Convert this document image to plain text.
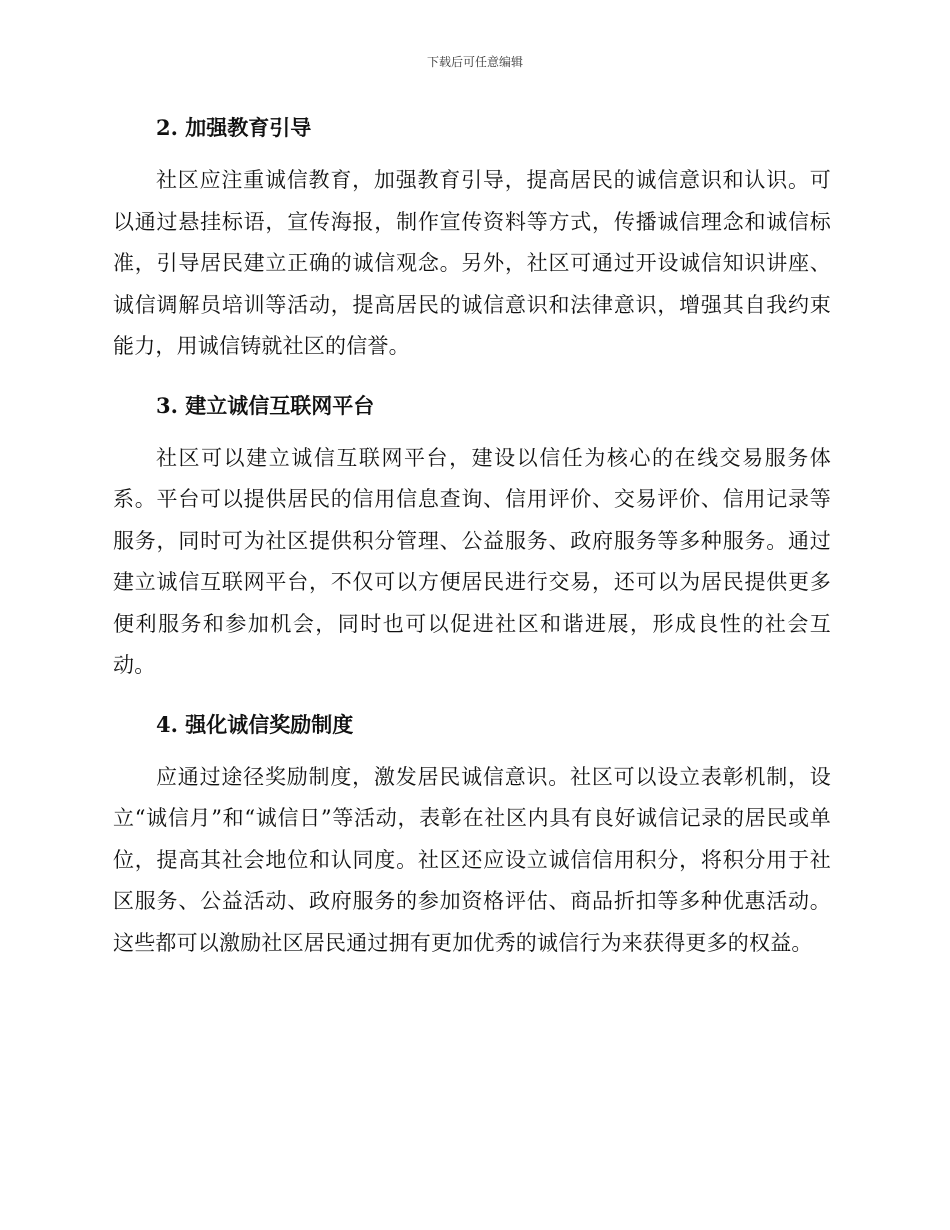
下载后可任意编辑
2. 加强教育引导

社区应注重诚信教育，加强教育引导，提高居民的诚信意识和认识。可以通过悬挂标语，宣传海报，制作宣传资料等方式，传播诚信理念和诚信标准，引导居民建立正确的诚信观念。另外，社区可通过开设诚信知识讲座、诚信调解员培训等活动，提高居民的诚信意识和法律意识，增强其自我约束能力，用诚信铸就社区的信誉。

3. 建立诚信互联网平台

社区可以建立诚信互联网平台，建设以信任为核心的在线交易服务体系。平台可以提供居民的信用信息查询、信用评价、交易评价、信用记录等服务，同时可为社区提供积分管理、公益服务、政府服务等多种服务。通过建立诚信互联网平台，不仅可以方便居民进行交易，还可以为居民提供更多便利服务和参加机会，同时也可以促进社区和谐进展，形成良性的社会互动。

4. 强化诚信奖励制度

应通过途径奖励制度，激发居民诚信意识。社区可以设立表彰机制，设立“诚信月”和“诚信日”等活动，表彰在社区内具有良好诚信记录的居民或单位，提高其社会地位和认同度。社区还应设立诚信信用积分，将积分用于社区服务、公益活动、政府服务的参加资格评估、商品折扣等多种优惠活动。这些都可以激励社区居民通过拥有更加优秀的诚信行为来获得更多的权益。
